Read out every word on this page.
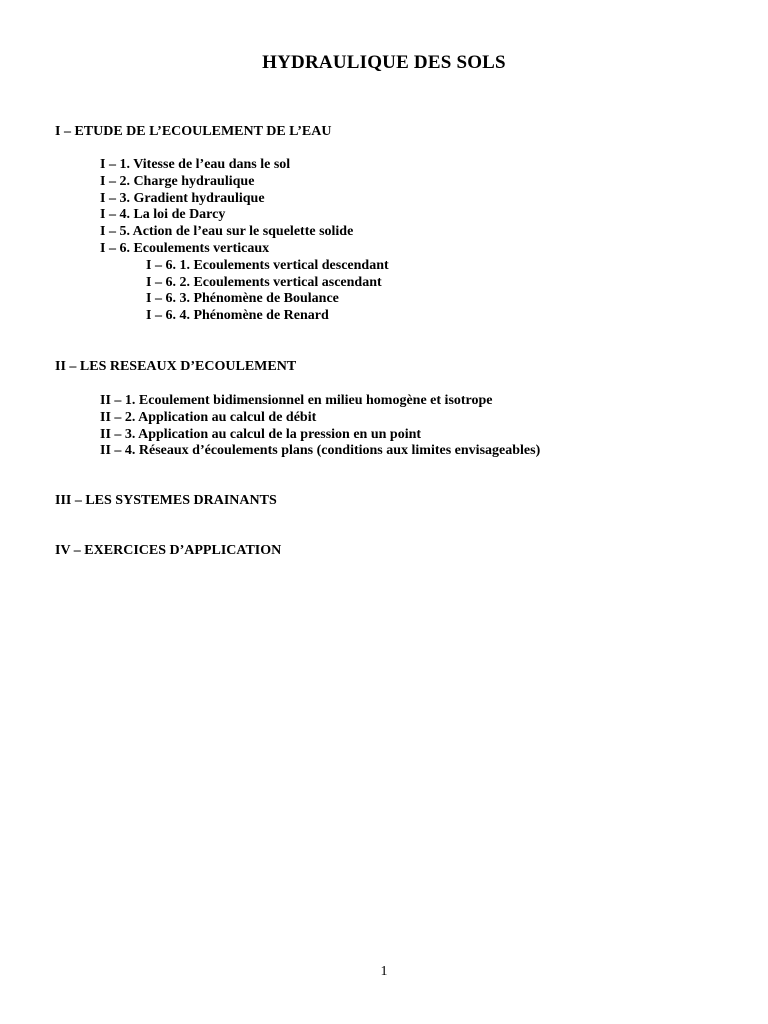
HYDRAULIQUE DES SOLS
I – ETUDE DE L’ECOULEMENT DE L’EAU
I – 1. Vitesse de l’eau dans le sol
I – 2. Charge hydraulique
I – 3. Gradient hydraulique
I – 4. La loi de Darcy
I – 5. Action de l’eau sur le squelette solide
I – 6. Ecoulements verticaux
I – 6. 1. Ecoulements vertical descendant
I – 6. 2. Ecoulements vertical ascendant
I – 6. 3. Phénomène de Boulance
I – 6. 4. Phénomène de Renard
II – LES RESEAUX D’ECOULEMENT
II – 1. Ecoulement bidimensionnel en milieu homogène et isotrope
II – 2. Application au calcul de débit
II – 3. Application au calcul de la pression en un point
II – 4. Réseaux d’écoulements plans (conditions aux limites envisageables)
III – LES SYSTEMES DRAINANTS
IV – EXERCICES D’APPLICATION
1
